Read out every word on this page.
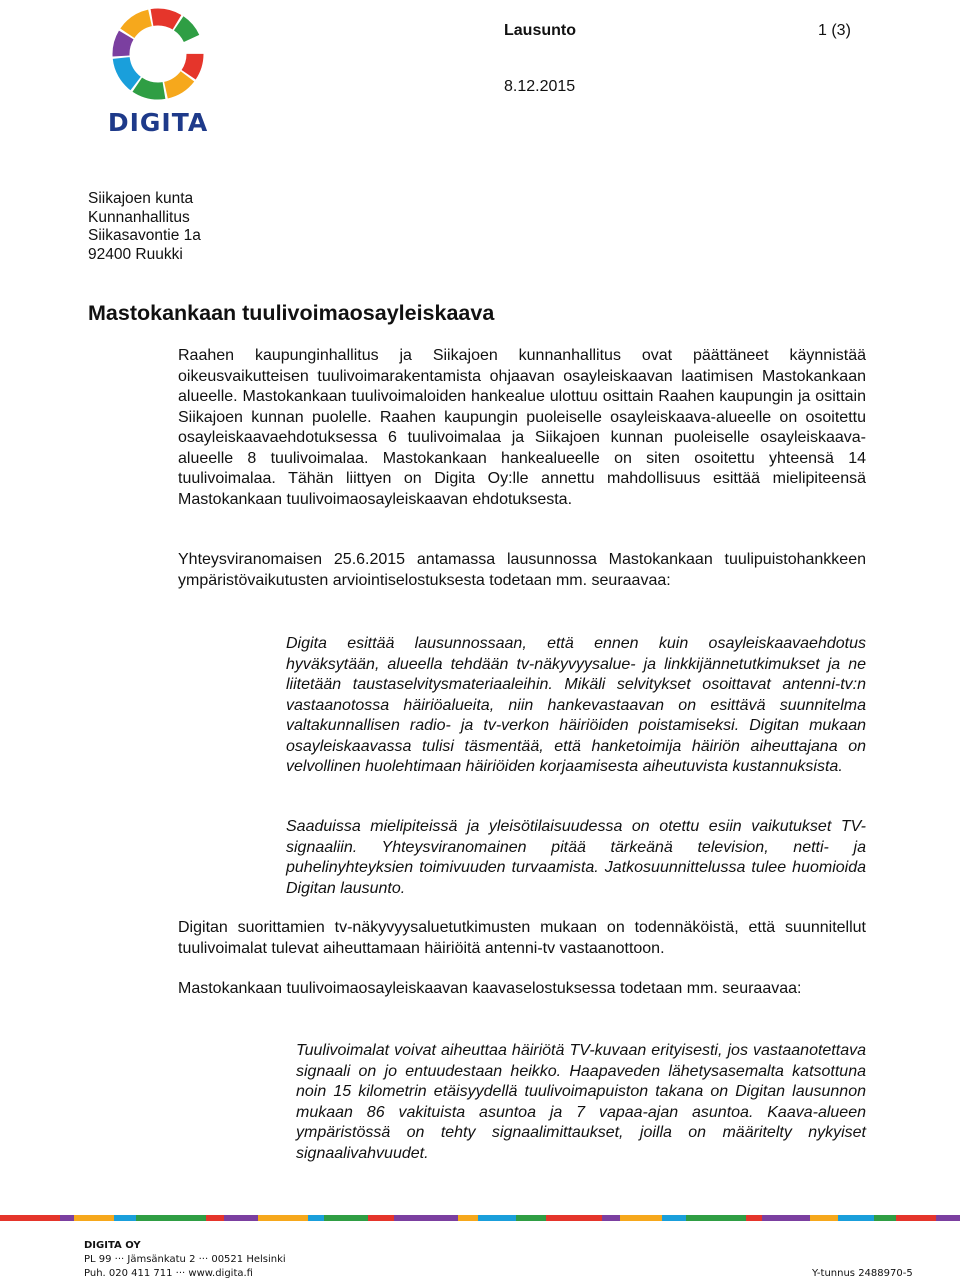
DIGITA
Lausunto	1 (3)
8.12.2015
Siikajoen kunta
Kunnanhallitus
Siikasavontie 1a
92400 Ruukki
Mastokankaan tuulivoimaosayleiskaava

Raahen kaupunginhallitus ja Siikajoen kunnanhallitus ovat päättäneet käynnistää oikeusvaikutteisen tuulivoimarakentamista ohjaavan osayleiskaavan laatimisen Mastokankaan alueelle. Mastokankaan tuulivoimaloiden hankealue ulottuu osittain Raahen kaupungin ja osittain Siikajoen kunnan puolelle. Raahen kaupungin puoleiselle osayleiskaava-alueelle on osoitettu osayleiskaavaehdotuksessa 6 tuulivoimalaa ja Siikajoen kunnan puoleiselle osayleiskaava-alueelle 8 tuulivoimalaa. Mastokankaan hankealueelle on siten osoitettu yhteensä 14 tuulivoimalaa. Tähän liittyen on Digita Oy:lle annettu mahdollisuus esittää mielipiteensä Mastokankaan tuulivoimaosayleiskaavan ehdotuksesta.

Yhteysviranomaisen 25.6.2015 antamassa lausunnossa Mastokankaan tuulipuistohankkeen ympäristövaikutusten arviointiselostuksesta todetaan mm. seuraavaa:

Digita esittää lausunnossaan, että ennen kuin osayleiskaavaehdotus hyväksytään, alueella tehdään tv-näkyvyysalue- ja linkkijännetutkimukset ja ne liitetään taustaselvitysmateriaaleihin. Mikäli selvitykset osoittavat antenni-tv:n vastaanotossa häiriöalueita, niin hankevastaavan on esittävä suunnitelma valtakunnallisen radio- ja tv-verkon häiriöiden poistamiseksi. Digitan mukaan osayleiskaavassa tulisi täsmentää, että hanketoimija häiriön aiheuttajana on velvollinen huolehtimaan häiriöiden korjaamisesta aiheutuvista kustannuksista.

Saaduissa mielipiteissä ja yleisötilaisuudessa on otettu esiin vaikutukset TV-signaaliin. Yhteysviranomainen pitää tärkeänä television, netti- ja puhelinyhteyksien toimivuuden turvaamista. Jatkosuunnittelussa tulee huomioida Digitan lausunto.

Digitan suorittamien tv-näkyvyysaluetutkimusten mukaan on todennäköistä, että suunnitellut tuulivoimalat tulevat aiheuttamaan häiriöitä antenni-tv vastaanottoon.

Mastokankaan tuulivoimaosayleiskaavan kaavaselostuksessa todetaan mm. seuraavaa:

Tuulivoimalat voivat aiheuttaa häiriötä TV-kuvaan erityisesti, jos vastaanotettava signaali on jo entuudestaan heikko. Haapaveden lähetysasemalta katsottuna noin 15 kilometrin etäisyydellä tuulivoimapuiston takana on Digitan lausunnon mukaan 86 vakituista asuntoa ja 7 vapaa-ajan asuntoa. Kaava-alueen ympäristössä on tehty signaalimittaukset, joilla on määritelty nykyiset signaalivahvuudet.

DIGITA OY
PL 99 ··· Jämsänkatu 2 ··· 00521 Helsinki
Puh. 020 411 711 ··· www.digita.fi	Y-tunnus 2488970-5
